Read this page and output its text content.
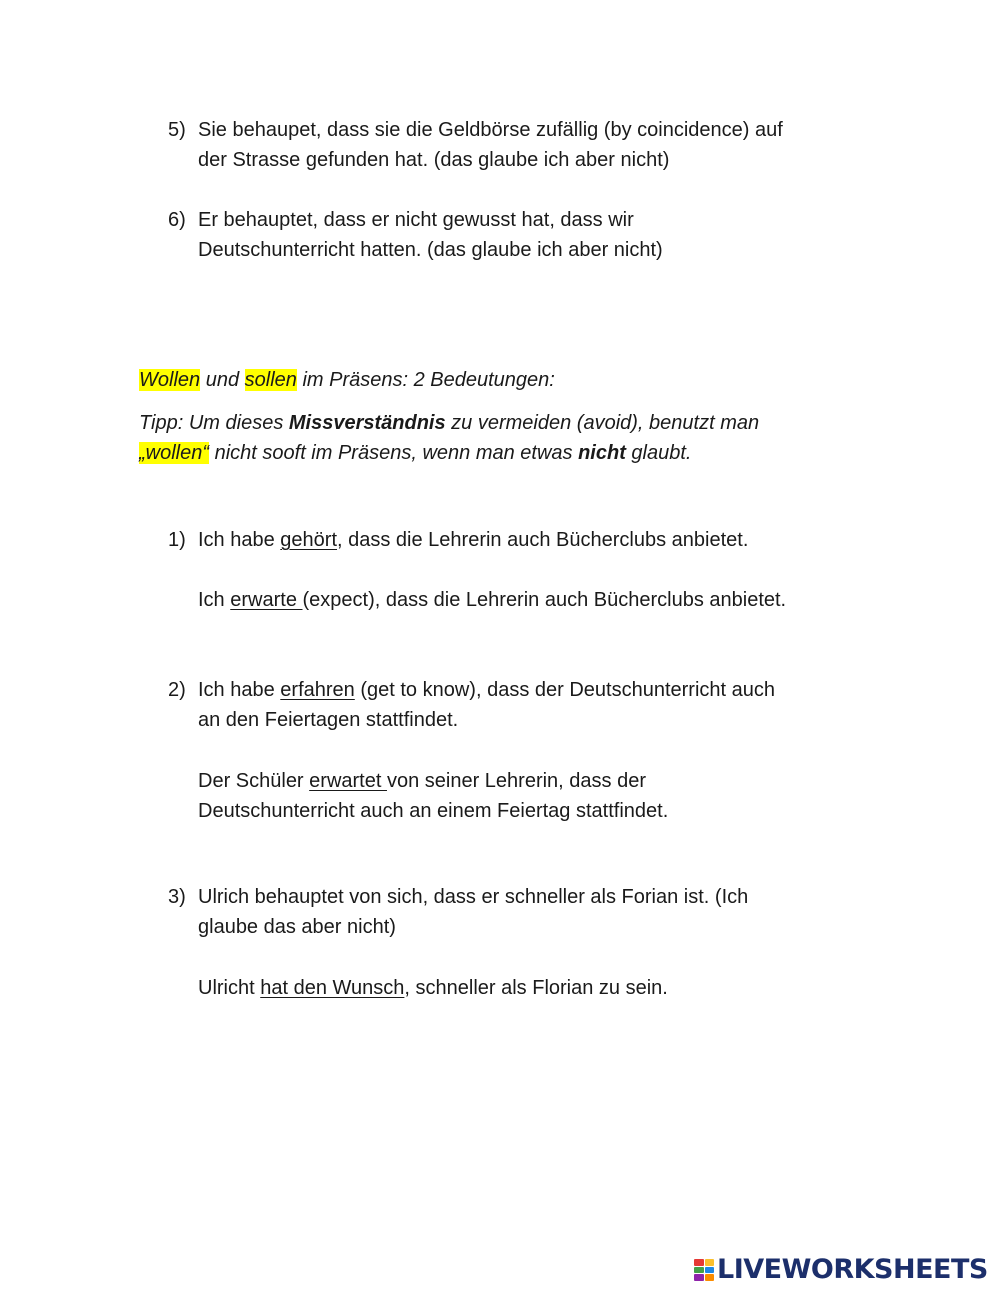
5) Sie behaupet, dass sie die Geldbörse zufällig (by coincidence) auf
der Strasse gefunden hat. (das glaube ich aber nicht)
6) Er behauptet, dass er nicht gewusst hat, dass wir
Deutschunterricht hatten. (das glaube ich aber nicht)
Wollen und sollen im Präsens: 2 Bedeutungen:
Tipp: Um dieses Missverständnis zu vermeiden (avoid), benutzt man
„wollen“ nicht sooft im Präsens, wenn man etwas nicht glaubt.
1) Ich habe gehört, dass die Lehrerin auch Bücherclubs anbietet.
Ich erwarte (expect), dass die Lehrerin auch Bücherclubs anbietet.
2) Ich habe erfahren (get to know), dass der Deutschunterricht auch
an den Feiertagen stattfindet.
Der Schüler erwartet von seiner Lehrerin, dass der
Deutschunterricht auch an einem Feiertag stattfindet.
3) Ulrich behauptet von sich, dass er schneller als Forian ist. (Ich
glaube das aber nicht)
Ulricht hat den Wunsch, schneller als Florian zu sein.
LIVEWORKSHEETS
